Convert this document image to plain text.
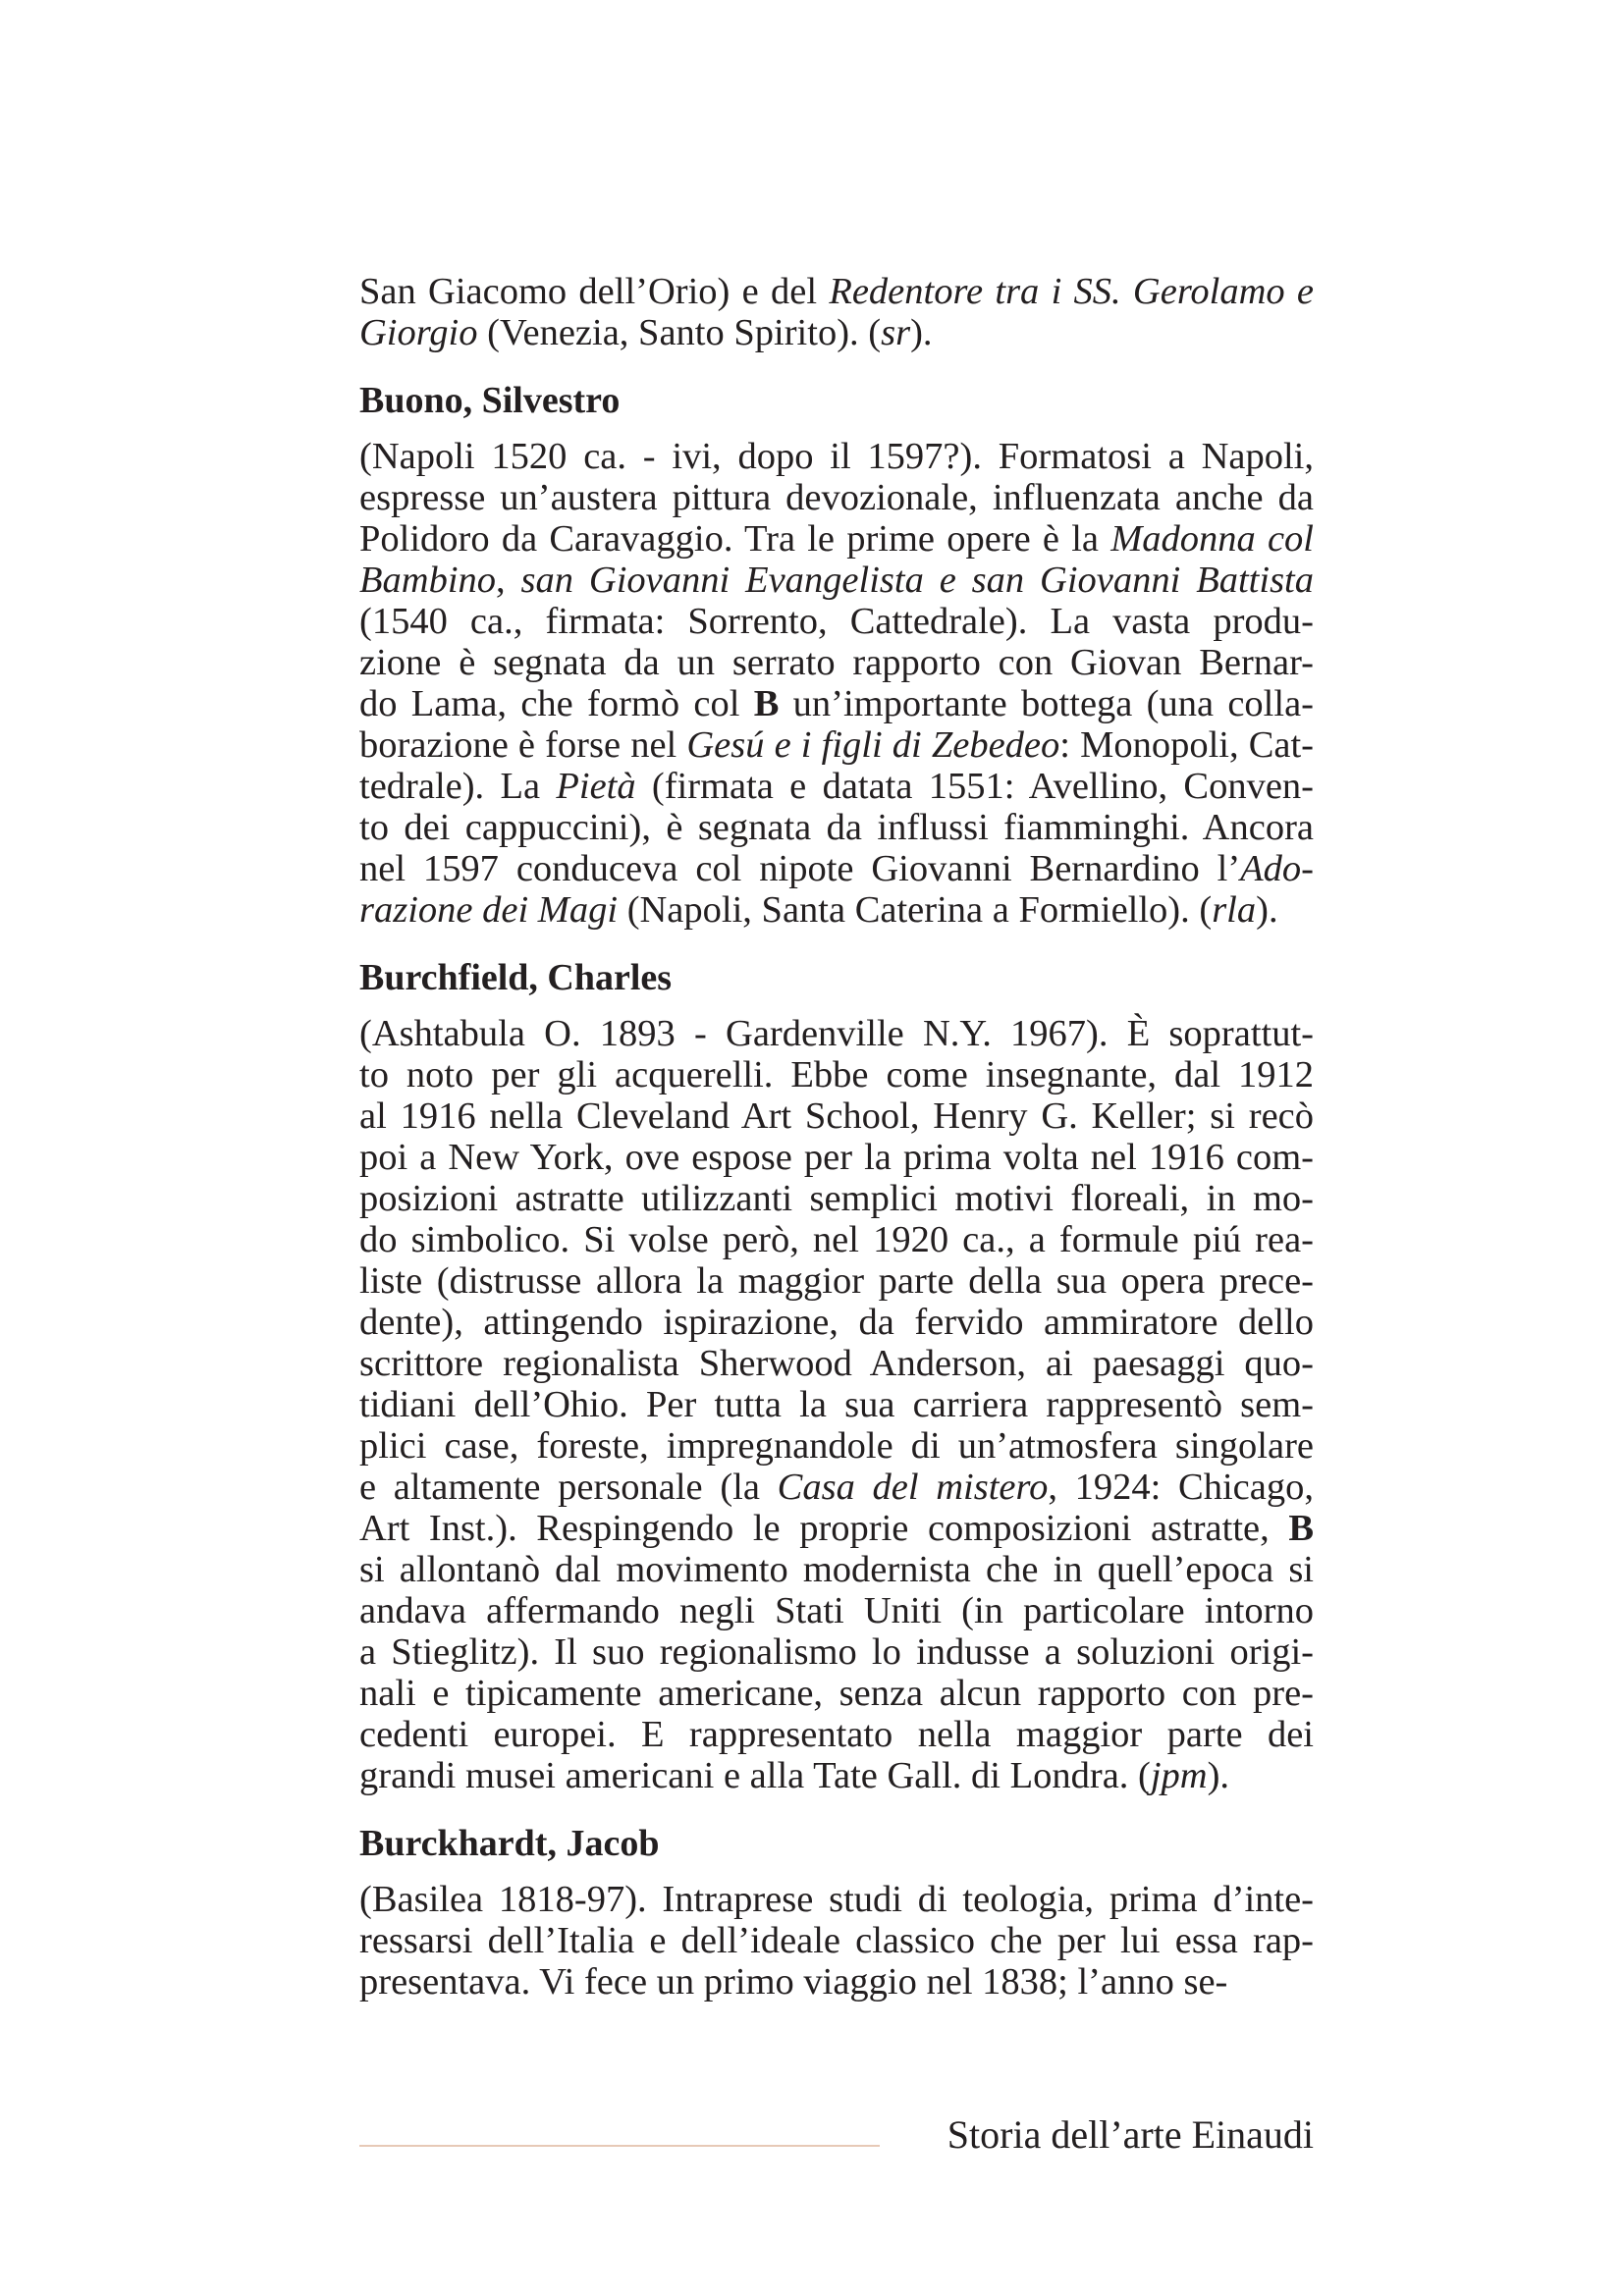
San Giacomo dell’Orio) e del Redentore tra i SS. Gerolamo e
Giorgio (Venezia, Santo Spirito). (sr).
Buono, Silvestro
(Napoli 1520 ca. - ivi, dopo il 1597?). Formatosi a Napoli,
espresse un’austera pittura devozionale, influenzata anche da
Polidoro da Caravaggio. Tra le prime opere è la Madonna col
Bambino, san Giovanni Evangelista e san Giovanni Battista
(1540 ca., firmata: Sorrento, Cattedrale). La vasta produ-
zione è segnata da un serrato rapporto con Giovan Bernar-
do Lama, che formò col B un’importante bottega (una colla-
borazione è forse nel Gesú e i figli di Zebedeo: Monopoli, Cat-
tedrale). La Pietà (firmata e datata 1551: Avellino, Conven-
to dei cappuccini), è segnata da influssi fiamminghi. Ancora
nel 1597 conduceva col nipote Giovanni Bernardino l’Ado-
razione dei Magi (Napoli, Santa Caterina a Formiello). (rla).
Burchfield, Charles
(Ashtabula O. 1893 - Gardenville N.Y. 1967). È soprattut-
to noto per gli acquerelli. Ebbe come insegnante, dal 1912
al 1916 nella Cleveland Art School, Henry G. Keller; si recò
poi a New York, ove espose per la prima volta nel 1916 com-
posizioni astratte utilizzanti semplici motivi floreali, in mo-
do simbolico. Si volse però, nel 1920 ca., a formule piú rea-
liste (distrusse allora la maggior parte della sua opera prece-
dente), attingendo ispirazione, da fervido ammiratore dello
scrittore regionalista Sherwood Anderson, ai paesaggi quo-
tidiani dell’Ohio. Per tutta la sua carriera rappresentò sem-
plici case, foreste, impregnandole di un’atmosfera singolare
e altamente personale (la Casa del mistero, 1924: Chicago,
Art Inst.). Respingendo le proprie composizioni astratte, B
si allontanò dal movimento modernista che in quell’epoca si
andava affermando negli Stati Uniti (in particolare intorno
a Stieglitz). Il suo regionalismo lo indusse a soluzioni origi-
nali e tipicamente americane, senza alcun rapporto con pre-
cedenti europei. E rappresentato nella maggior parte dei
grandi musei americani e alla Tate Gall. di Londra. (jpm).
Burckhardt, Jacob
(Basilea 1818-97). Intraprese studi di teologia, prima d’inte-
ressarsi dell’Italia e dell’ideale classico che per lui essa rap-
presentava. Vi fece un primo viaggio nel 1838; l’anno se-
Storia dell’arte Einaudi
